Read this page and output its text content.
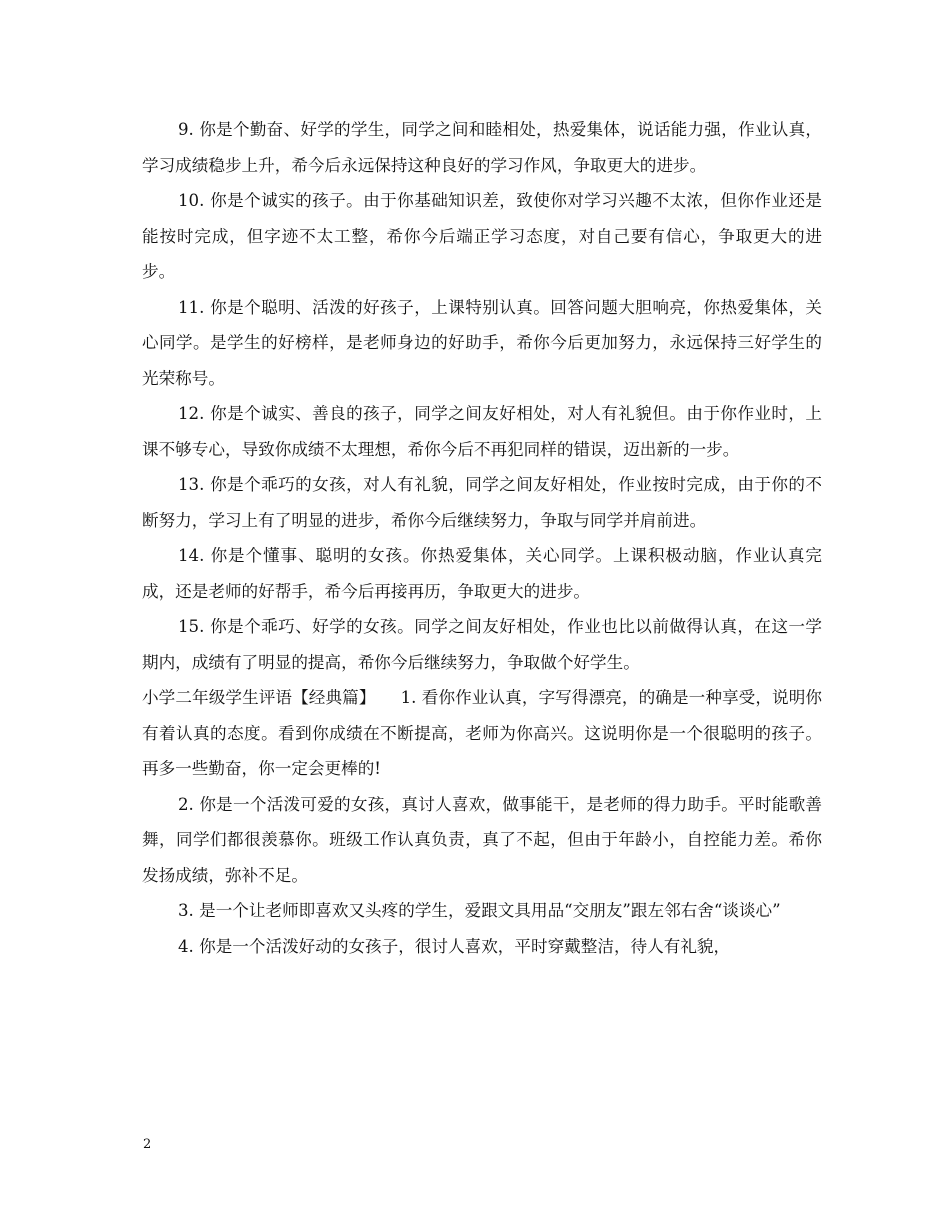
9. 你是个勤奋、好学的学生，同学之间和睦相处，热爱集体，说话能力强，作业认真，学习成绩稳步上升，希今后永远保持这种良好的学习作风，争取更大的进步。

10. 你是个诚实的孩子。由于你基础知识差，致使你对学习兴趣不太浓，但你作业还是能按时完成，但字迹不太工整，希你今后端正学习态度，对自己要有信心，争取更大的进步。

11. 你是个聪明、活泼的好孩子，上课特别认真。回答问题大胆响亮，你热爱集体，关心同学。是学生的好榜样，是老师身边的好助手，希你今后更加努力，永远保持三好学生的光荣称号。

12. 你是个诚实、善良的孩子，同学之间友好相处，对人有礼貌但。由于你作业时，上课不够专心，导致你成绩不太理想，希你今后不再犯同样的错误，迈出新的一步。

13. 你是个乖巧的女孩，对人有礼貌，同学之间友好相处，作业按时完成，由于你的不断努力，学习上有了明显的进步，希你今后继续努力，争取与同学并肩前进。

14. 你是个懂事、聪明的女孩。你热爱集体，关心同学。上课积极动脑，作业认真完成，还是老师的好帮手，希今后再接再历，争取更大的进步。

15. 你是个乖巧、好学的女孩。同学之间友好相处，作业也比以前做得认真，在这一学期内，成绩有了明显的提高，希你今后继续努力，争取做个好学生。

小学二年级学生评语【经典篇】　　1. 看你作业认真，字写得漂亮，的确是一种享受，说明你有着认真的态度。看到你成绩在不断提高，老师为你高兴。这说明你是一个很聪明的孩子。再多一些勤奋，你一定会更棒的!

2. 你是一个活泼可爱的女孩，真讨人喜欢，做事能干，是老师的得力助手。平时能歌善舞，同学们都很羡慕你。班级工作认真负责，真了不起，但由于年龄小，自控能力差。希你发扬成绩，弥补不足。

3. 是一个让老师即喜欢又头疼的学生，爱跟文具用品“交朋友”跟左邻右舍“谈谈心”

4. 你是一个活泼好动的女孩子，很讨人喜欢，平时穿戴整洁，待人有礼貌，

2
